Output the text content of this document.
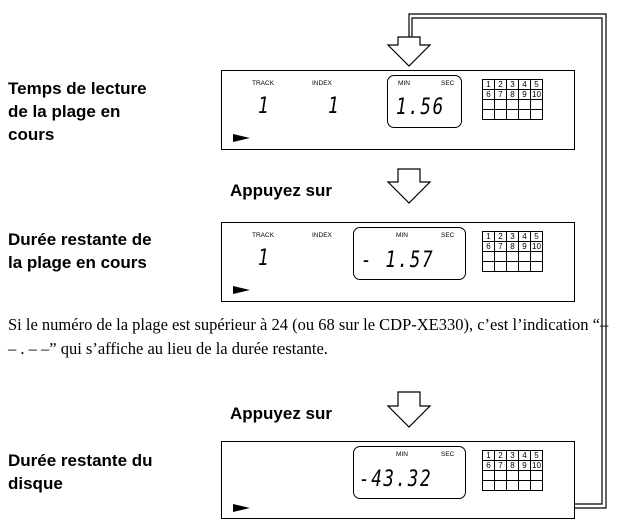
Temps de lecture
de la plage en
cours
TRACK	INDEX
1	1
MIN	SEC
1.56
1	2	3	4	5
6	7	8	9	10

Appuyez sur
Durée restante de
la plage en cours
TRACK	INDEX
1
MIN	SEC
- 1.57
1	2	3	4	5
6	7	8	9	10

Si le numéro de la plage est supérieur à 24 (ou 68 sur le CDP-XE330), c’est l’indication “– – . – –” qui s’affiche au lieu de la durée restante.
Appuyez sur
Durée restante du
disque
MIN	SEC
-43.32
1	2	3	4	5
6	7	8	9	10
